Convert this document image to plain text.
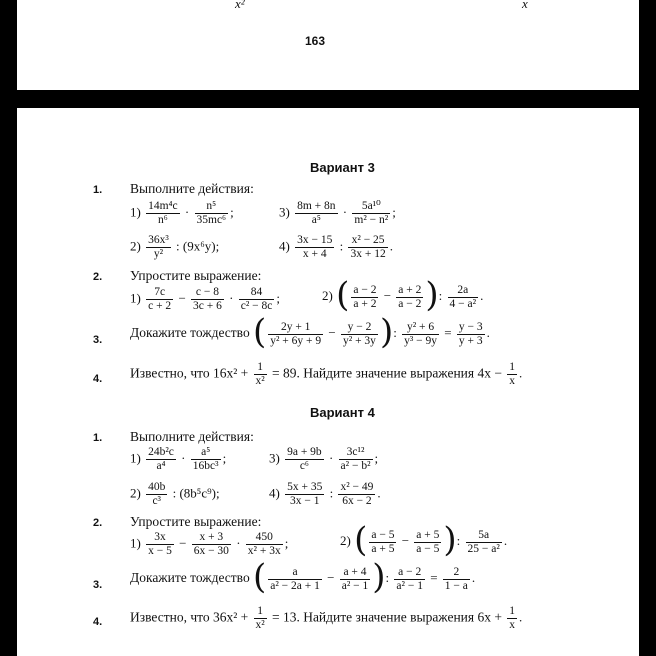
x²	x
163
Вариант 3
1. Выполните действия:
$1) \frac{\text{14m⁴c}}{\text{n⁶}} \cdot \frac{\text{n⁵}}{\text{35mc⁶}}$ ;	$3) \frac{8m + 8n}{\text{a⁵}} \cdot \frac{\text{5a¹⁰}}{\text{m² − n²}}$ ;
$2) \frac{\text{36x³}}{\text{y²}}$ : (9x⁶y);	$4) \frac{3x - 15}{x + 4}$ : $\frac{\text{x² − 25}}{3x + 12}$ .
2. Упростите выражение:
$1) \frac{7c}{c + 2} - \frac{c - 8}{3c + 6} \cdot \frac{84}{\text{c² − 8c}}$ ;	2) ( $\frac{a - 2}{a + 2} - \frac{a + 2}{a - 2}$ ): $\frac{2a}{\text{4 − a²}}$ .
3.
Докажите тождество ( $\frac{2y + 1}{\text{y² + 6y + 9}} - \frac{y - 2}{\text{y² + 3y}}$ ): $\frac{\text{y² + 6}}{\text{y³ − 9y}} = \frac{y - 3}{y + 3}$ .
4. Известно, что $16x^2 + \frac{1}{\text{x²}} = 89$. Найдите значение выражения $4x - \frac{1}{x}$ .
Вариант 4
1. Выполните действия:
$1) \frac{\text{24b²c}}{\text{a⁴}} \cdot \frac{\text{a⁵}}{\text{16bc³}}$ ;	$3) \frac{9a + 9b}{\text{c⁶}} \cdot \frac{\text{3c¹²}}{\text{a² − b²}}$ ;
$2) \frac{40b}{\text{c³}}$ : (8b⁵c⁹);	$4) \frac{5x + 35}{3x - 1}$ : $\frac{\text{x² − 49}}{6x - 2}$ .
2. Упростите выражение:
$1) \frac{3x}{x - 5} - \frac{x + 3}{6x - 30} \cdot \frac{450}{\text{x² + 3x}}$ ;	2) ( $\frac{a - 5}{a + 5} - \frac{a + 5}{a - 5}$ ): $\frac{5a}{\text{25 − a²}}$ .
3.
Докажите тождество ( $\frac{a}{\text{a² − 2a + 1}} - \frac{a + 4}{\text{a² − 1}}$ ): $\frac{a - 2}{\text{a² − 1}} = \frac{2}{1 - a}$ .
4. Известно, что $36x^2 + \frac{1}{\text{x²}} = 13$. Найдите значение выражения $6x + \frac{1}{x}$ .
